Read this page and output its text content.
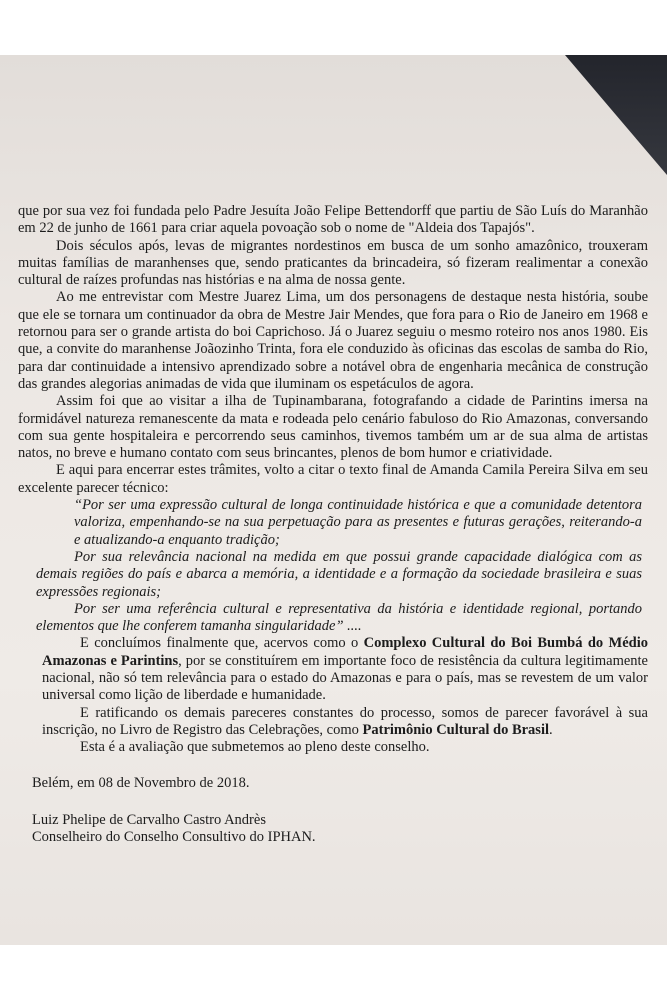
que por sua vez foi fundada pelo Padre Jesuíta João Felipe Bettendorff que partiu de São Luís do Maranhão em 22 de junho de 1661 para criar aquela povoação sob o nome de "Aldeia dos Tapajós".

Dois séculos após, levas de migrantes nordestinos em busca de um sonho amazônico, trouxeram muitas famílias de maranhenses que, sendo praticantes da brincadeira, só fizeram realimentar a conexão cultural de raízes profundas nas histórias e na alma de nossa gente.

Ao me entrevistar com Mestre Juarez Lima, um dos personagens de destaque nesta história, soube que ele se tornara um continuador da obra de Mestre Jair Mendes, que fora para o Rio de Janeiro em 1968 e retornou para ser o grande artista do boi Caprichoso. Já o Juarez seguiu o mesmo roteiro nos anos 1980. Eis que, a convite do maranhense Joãozinho Trinta, fora ele conduzido às oficinas das escolas de samba do Rio, para dar continuidade a intensivo aprendizado sobre a notável obra de engenharia mecânica de construção das grandes alegorias animadas de vida que iluminam os espetáculos de agora.

Assim foi que ao visitar a ilha de Tupinambarana, fotografando a cidade de Parintins imersa na formidável natureza remanescente da mata e rodeada pelo cenário fabuloso do Rio Amazonas, conversando com sua gente hospitaleira e percorrendo seus caminhos, tivemos também um ar de sua alma de artistas natos, no breve e humano contato com seus brincantes, plenos de bom humor e criatividade.

E aqui para encerrar estes trâmites, volto a citar o texto final de Amanda Camila Pereira Silva em seu excelente parecer técnico:

“Por ser uma expressão cultural de longa continuidade histórica e que a comunidade detentora valoriza, empenhando-se na sua perpetuação para as presentes e futuras gerações, reiterando-a e atualizando-a enquanto tradição;

Por sua relevância nacional na medida em que possui grande capacidade dialógica com as demais regiões do país e abarca a memória, a identidade e a formação da sociedade brasileira e suas expressões regionais;

Por ser uma referência cultural e representativa da história e identidade regional, portando elementos que lhe conferem tamanha singularidade” ....

E concluímos finalmente que, acervos como o Complexo Cultural do Boi Bumbá do Médio Amazonas e Parintins, por se constituírem em importante foco de resistência da cultura legitimamente nacional, não só tem relevância para o estado do Amazonas e para o país, mas se revestem de um valor universal como lição de liberdade e humanidade.

E ratificando os demais pareceres constantes do processo, somos de parecer favorável à sua inscrição, no Livro de Registro das Celebrações, como Patrimônio Cultural do Brasil.

Esta é a avaliação que submetemos ao pleno deste conselho.

Belém, em 08 de Novembro de 2018.

Luiz Phelipe de Carvalho Castro Andrès

Conselheiro do Conselho Consultivo do IPHAN.
